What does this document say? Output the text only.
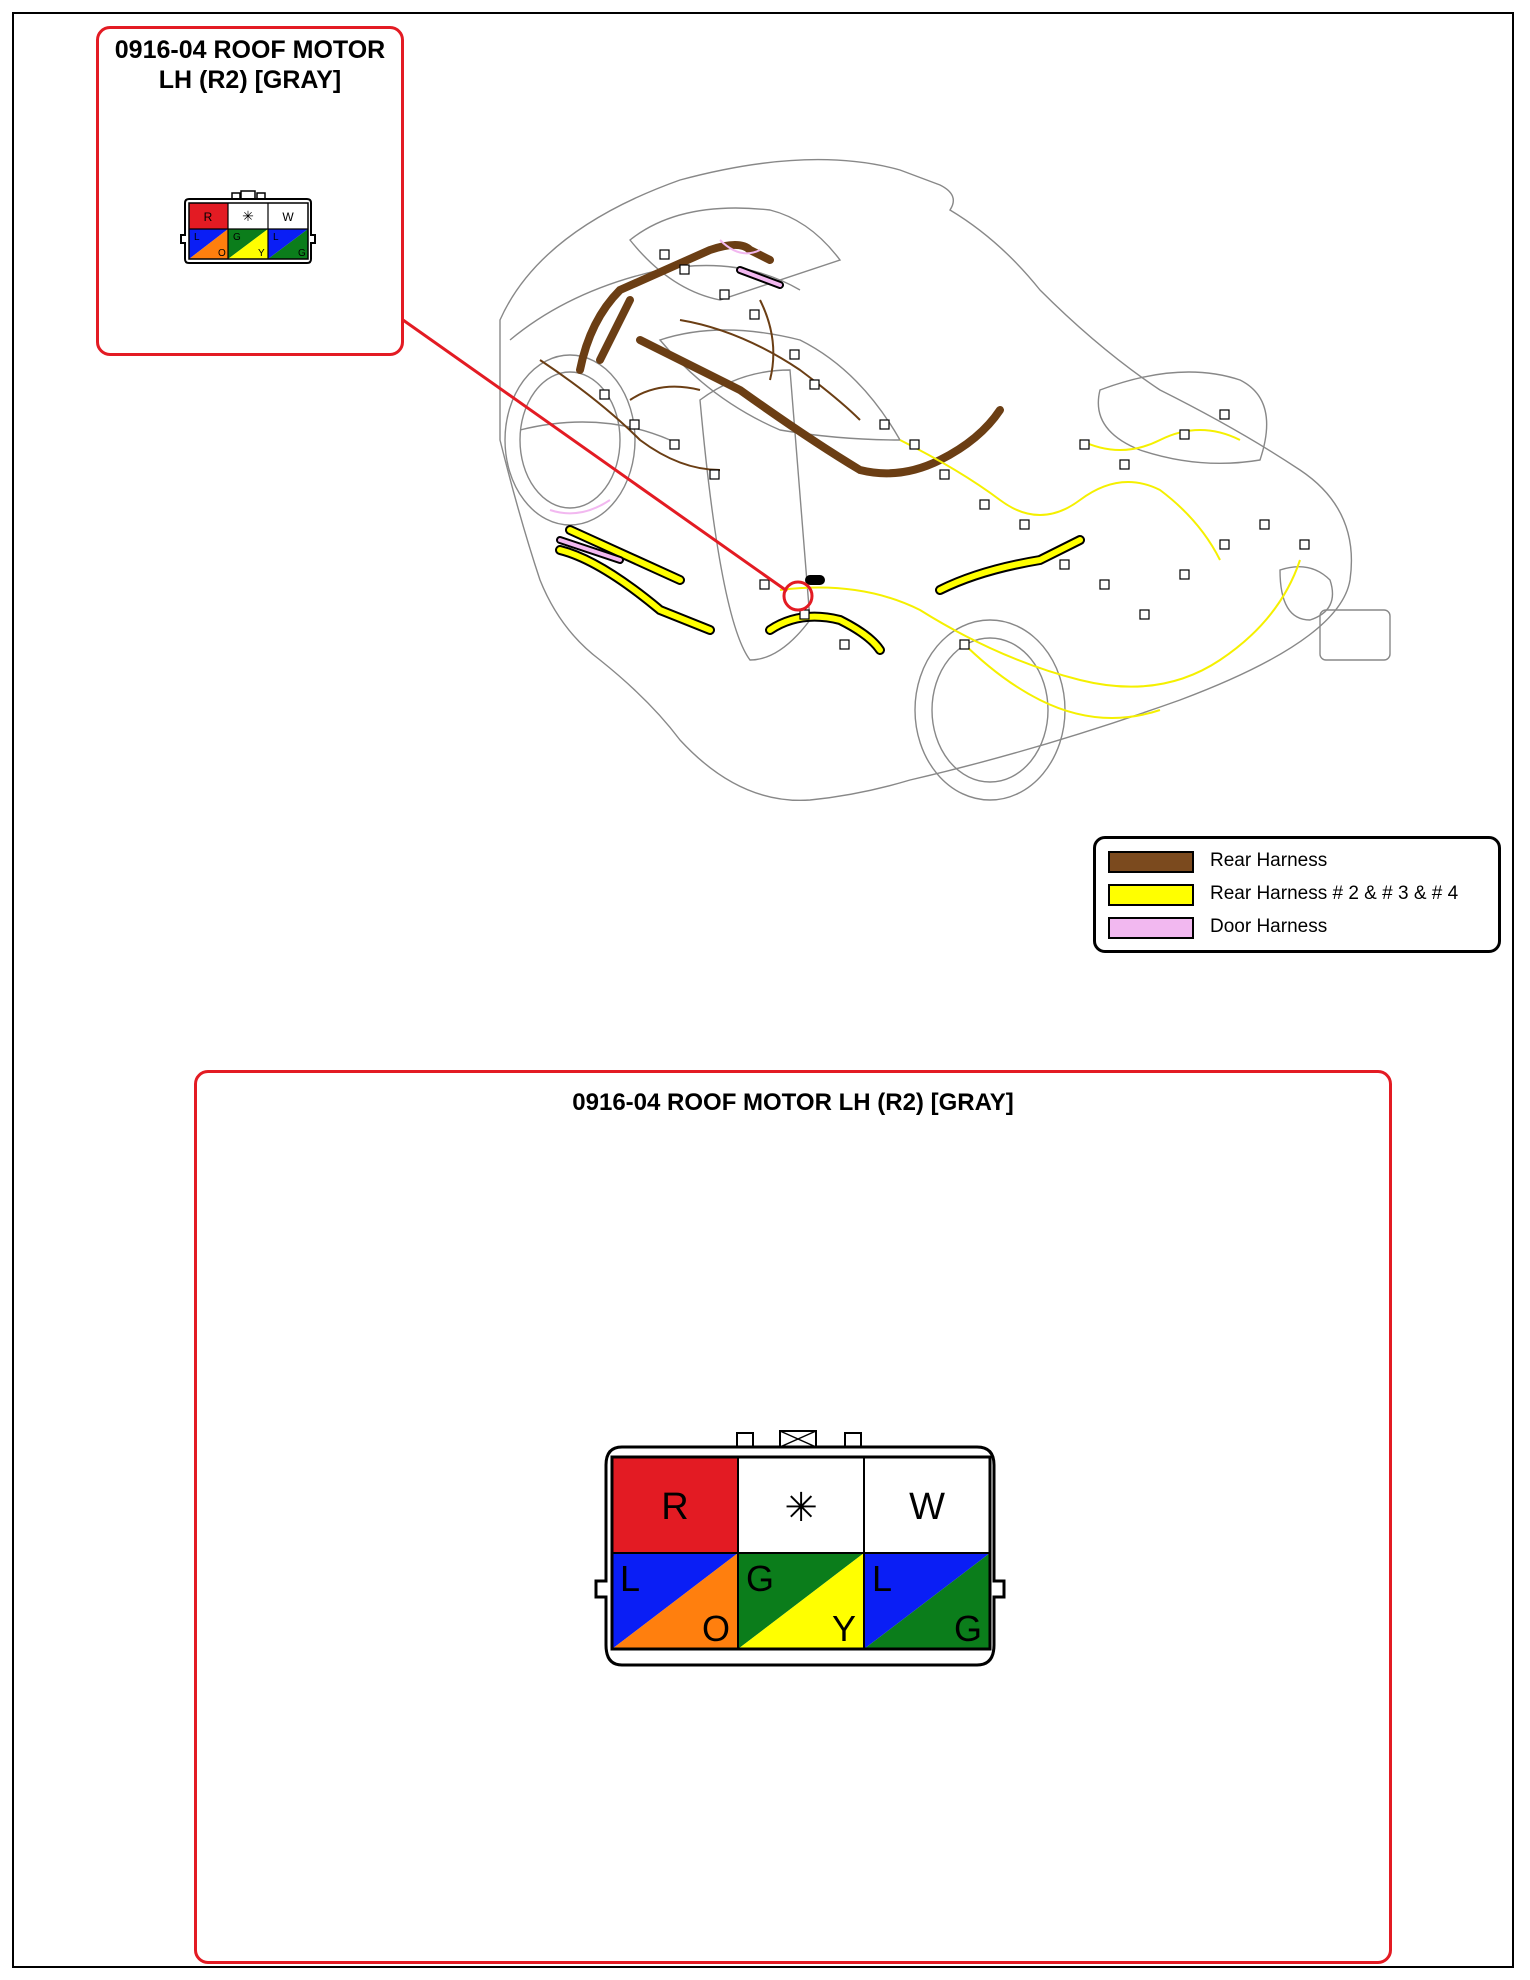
0916-04 ROOF MOTOR
LH (R2) [GRAY]
R ✳ W
L
O
G
Y
L
G
Rear Harness
Rear Harness # 2 & # 3 & # 4
Door Harness
0916-04 ROOF MOTOR LH (R2) [GRAY]
R ✳ W
L
O
G
Y
L
G
